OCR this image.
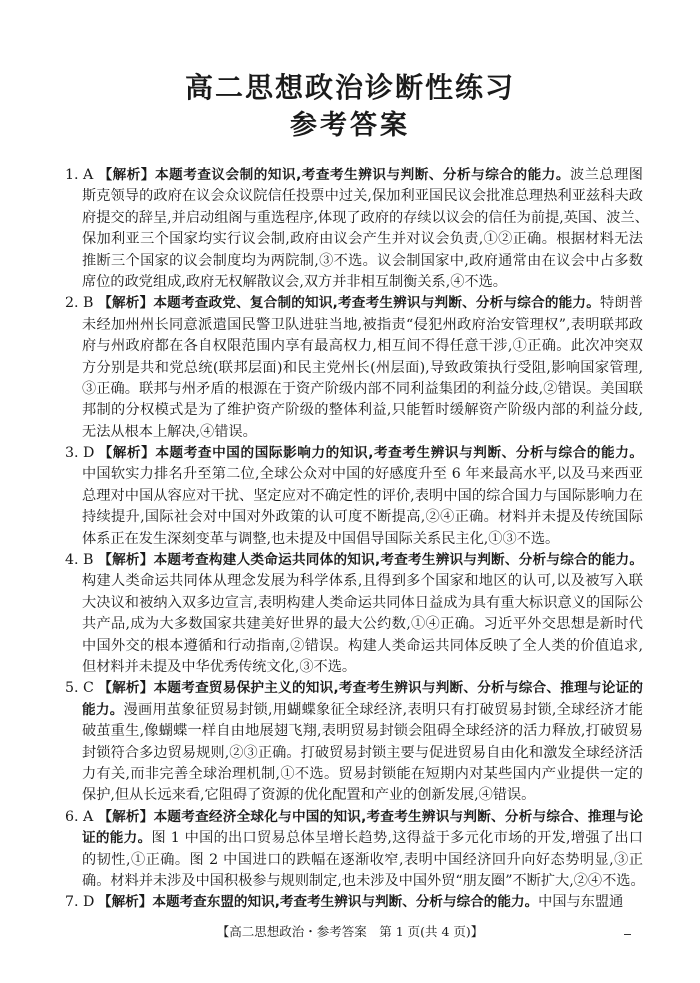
高二思想政治诊断性练习
参考答案
1. A 【解析】本题考查议会制的知识,考查考生辨识与判断、分析与综合的能力。波兰总理图
斯克领导的政府在议会众议院信任投票中过关,保加利亚国民议会批准总理热利亚兹科夫政
府提交的辞呈,并启动组阁与重选程序,体现了政府的存续以议会的信任为前提,英国、波兰、
保加利亚三个国家均实行议会制,政府由议会产生并对议会负责,①②正确。根据材料无法
推断三个国家的议会制度均为两院制,③不选。议会制国家中,政府通常由在议会中占多数
席位的政党组成,政府无权解散议会,双方并非相互制衡关系,④不选。
2. B 【解析】本题考查政党、复合制的知识,考查考生辨识与判断、分析与综合的能力。特朗普
未经加州州长同意派遣国民警卫队进驻当地,被指责“侵犯州政府治安管理权”,表明联邦政
府与州政府都在各自权限范围内享有最高权力,相互间不得任意干涉,①正确。此次冲突双
方分别是共和党总统(联邦层面)和民主党州长(州层面),导致政策执行受阻,影响国家管理,
③正确。联邦与州矛盾的根源在于资产阶级内部不同利益集团的利益分歧,②错误。美国联
邦制的分权模式是为了维护资产阶级的整体利益,只能暂时缓解资产阶级内部的利益分歧,
无法从根本上解决,④错误。
3. D 【解析】本题考查中国的国际影响力的知识,考查考生辨识与判断、分析与综合的能力。
中国软实力排名升至第二位,全球公众对中国的好感度升至 6 年来最高水平,以及马来西亚
总理对中国从容应对干扰、坚定应对不确定性的评价,表明中国的综合国力与国际影响力在
持续提升,国际社会对中国对外政策的认可度不断提高,②④正确。材料并未提及传统国际
体系正在发生深刻变革与调整,也未提及中国倡导国际关系民主化,①③不选。
4. B 【解析】本题考查构建人类命运共同体的知识,考查考生辨识与判断、分析与综合的能力。
构建人类命运共同体从理念发展为科学体系,且得到多个国家和地区的认可,以及被写入联
大决议和被纳入双多边宣言,表明构建人类命运共同体日益成为具有重大标识意义的国际公
共产品,成为大多数国家共建美好世界的最大公约数,①④正确。习近平外交思想是新时代
中国外交的根本遵循和行动指南,②错误。构建人类命运共同体反映了全人类的价值追求,
但材料并未提及中华优秀传统文化,③不选。
5. C 【解析】本题考查贸易保护主义的知识,考查考生辨识与判断、分析与综合、推理与论证的
能力。漫画用茧象征贸易封锁,用蝴蝶象征全球经济,表明只有打破贸易封锁,全球经济才能
破茧重生,像蝴蝶一样自由地展翅飞翔,表明贸易封锁会阻碍全球经济的活力释放,打破贸易
封锁符合多边贸易规则,②③正确。打破贸易封锁主要与促进贸易自由化和激发全球经济活
力有关,而非完善全球治理机制,①不选。贸易封锁能在短期内对某些国内产业提供一定的
保护,但从长远来看,它阻碍了资源的优化配置和产业的创新发展,④错误。
6. A 【解析】本题考查经济全球化与中国的知识,考查考生辨识与判断、分析与综合、推理与论
证的能力。图 1 中国的出口贸易总体呈增长趋势,这得益于多元化市场的开发,增强了出口
的韧性,①正确。图 2 中国进口的跌幅在逐渐收窄,表明中国经济回升向好态势明显,③正
确。材料并未涉及中国积极参与规则制定,也未涉及中国外贸“朋友圈”不断扩大,②④不选。
7. D 【解析】本题考查东盟的知识,考查考生辨识与判断、分析与综合的能力。中国与东盟通
【高二思想政治・参考答案　第 1 页(共 4 页)】
